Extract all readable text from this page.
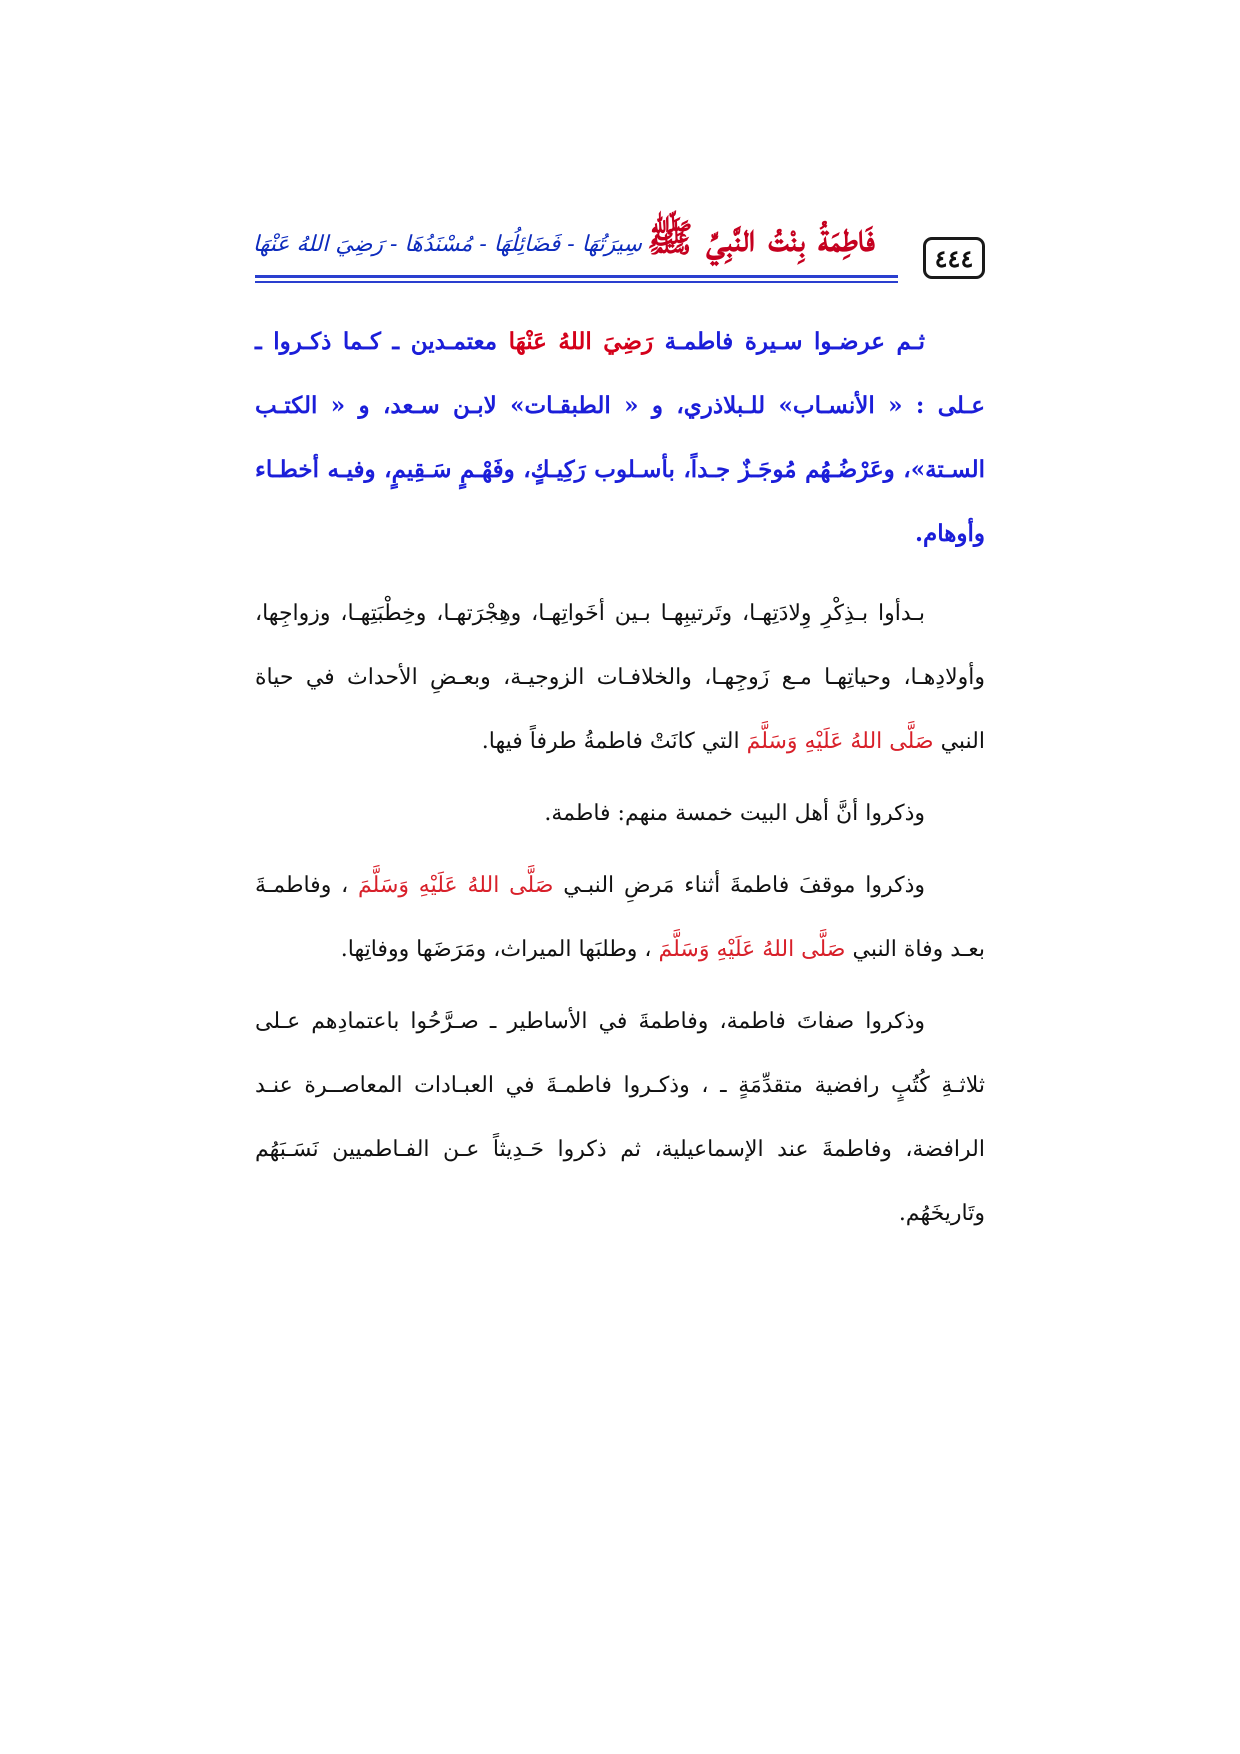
٤٤٤
فَاطِمَةُ بِنْتُ النَّبِيِّ ﷺ سِيرَتُهَا - فَضَائِلُهَا - مُسْنَدُهَا - رَضِيَ اللهُ عَنْهَا

ثـم عرضـوا سـيرة فاطمـة رَضِيَ اللهُ عَنْهَا معتمـدين ـ كـما ذكـروا ـ عـلى : « الأنسـاب» للـبلاذري، و « الطبقـات» لابـن سـعد، و « الكتـب السـتة»، وعَرْضُـهُم مُوجَـزٌ جـداً، بأسـلوب رَكِيـكٍ، وفَهْـمٍ سَـقِيمٍ، وفيـه أخطـاء وأوهام.

بـدأوا بـذِكْرِ وِلادَتِهـا، وتَرتيبِهـا بـين أخَواتِهـا، وهِجْرَتهـا، وخِطْبَتِهـا، وزواجِها، وأولادِهـا، وحياتِهـا مـع زَوجِهـا، والخلافـات الزوجيـة، وبعـضِ الأحداث في حياة النبي صَلَّى اللهُ عَلَيْهِ وَسَلَّمَ التي كانَتْ فاطمةُ طرفاً فيها.

وذكروا أنَّ أهل البيت خمسة منهم: فاطمة.

وذكروا موقفَ فاطمةَ أثناء مَرضِ النبـي صَلَّى اللهُ عَلَيْهِ وَسَلَّمَ ، وفاطمـةَ بعـد وفاة النبي صَلَّى اللهُ عَلَيْهِ وَسَلَّمَ ، وطلبَها الميراث، ومَرَضَها ووفاتِها.

وذكروا صفاتَ فاطمة، وفاطمةَ في الأساطير ـ صـرَّحُوا باعتمادِهم عـلى ثلاثـةِ كُتُبٍ رافضية متقدِّمَةٍ ـ ، وذكـروا فاطمـةَ في العبـادات المعاصــرة عنـد الرافضة، وفاطمةَ عند الإسماعيلية، ثم ذكروا حَـدِيثاً عـن الفـاطميين نَسَـبَهُم وتَاريخَهُم.
